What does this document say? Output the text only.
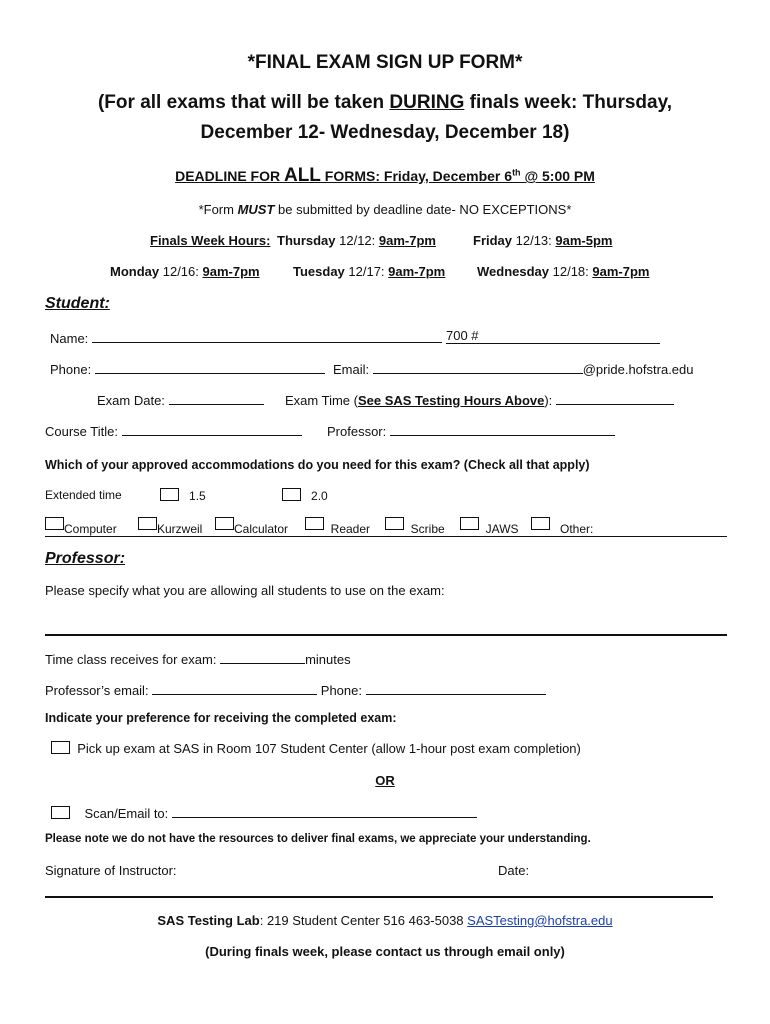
*FINAL EXAM SIGN UP FORM*
(For all exams that will be taken DURING finals week: Thursday,
December 12- Wednesday, December 18)
DEADLINE FOR ALL FORMS: Friday, December 6th @ 5:00 PM
*Form MUST be submitted by deadline date- NO EXCEPTIONS*
Finals Week Hours: Thursday 12/12: 9am-7pm	Friday 12/13: 9am-5pm
Monday 12/16: 9am-7pm	Tuesday 12/17: 9am-7pm Wednesday 12/18: 9am-7pm
Student:
Name:	700 #
Phone:	Email:	@pride.hofstra.edu
Exam Date:	Exam Time (See SAS Testing Hours Above):
Course Title:	Professor:
Which of your approved accommodations do you need for this exam? (Check all that apply)
Extended time	1.5	2.0
Computer	Kurzweil	Calculator	Reader	Scribe	JAWS	Other:
Professor:
Please specify what you are allowing all students to use on the exam:
Time class receives for exam:	minutes
Professor’s email:	Phone:
Indicate your preference for receiving the completed exam:
Pick up exam at SAS in Room 107 Student Center (allow 1-hour post exam completion)
OR
Scan/Email to:
Please note we do not have the resources to deliver final exams, we appreciate your understanding.
Signature of Instructor:	Date:
SAS Testing Lab: 219 Student Center 516 463-5038 SASTesting@hofstra.edu
(During finals week, please contact us through email only)
